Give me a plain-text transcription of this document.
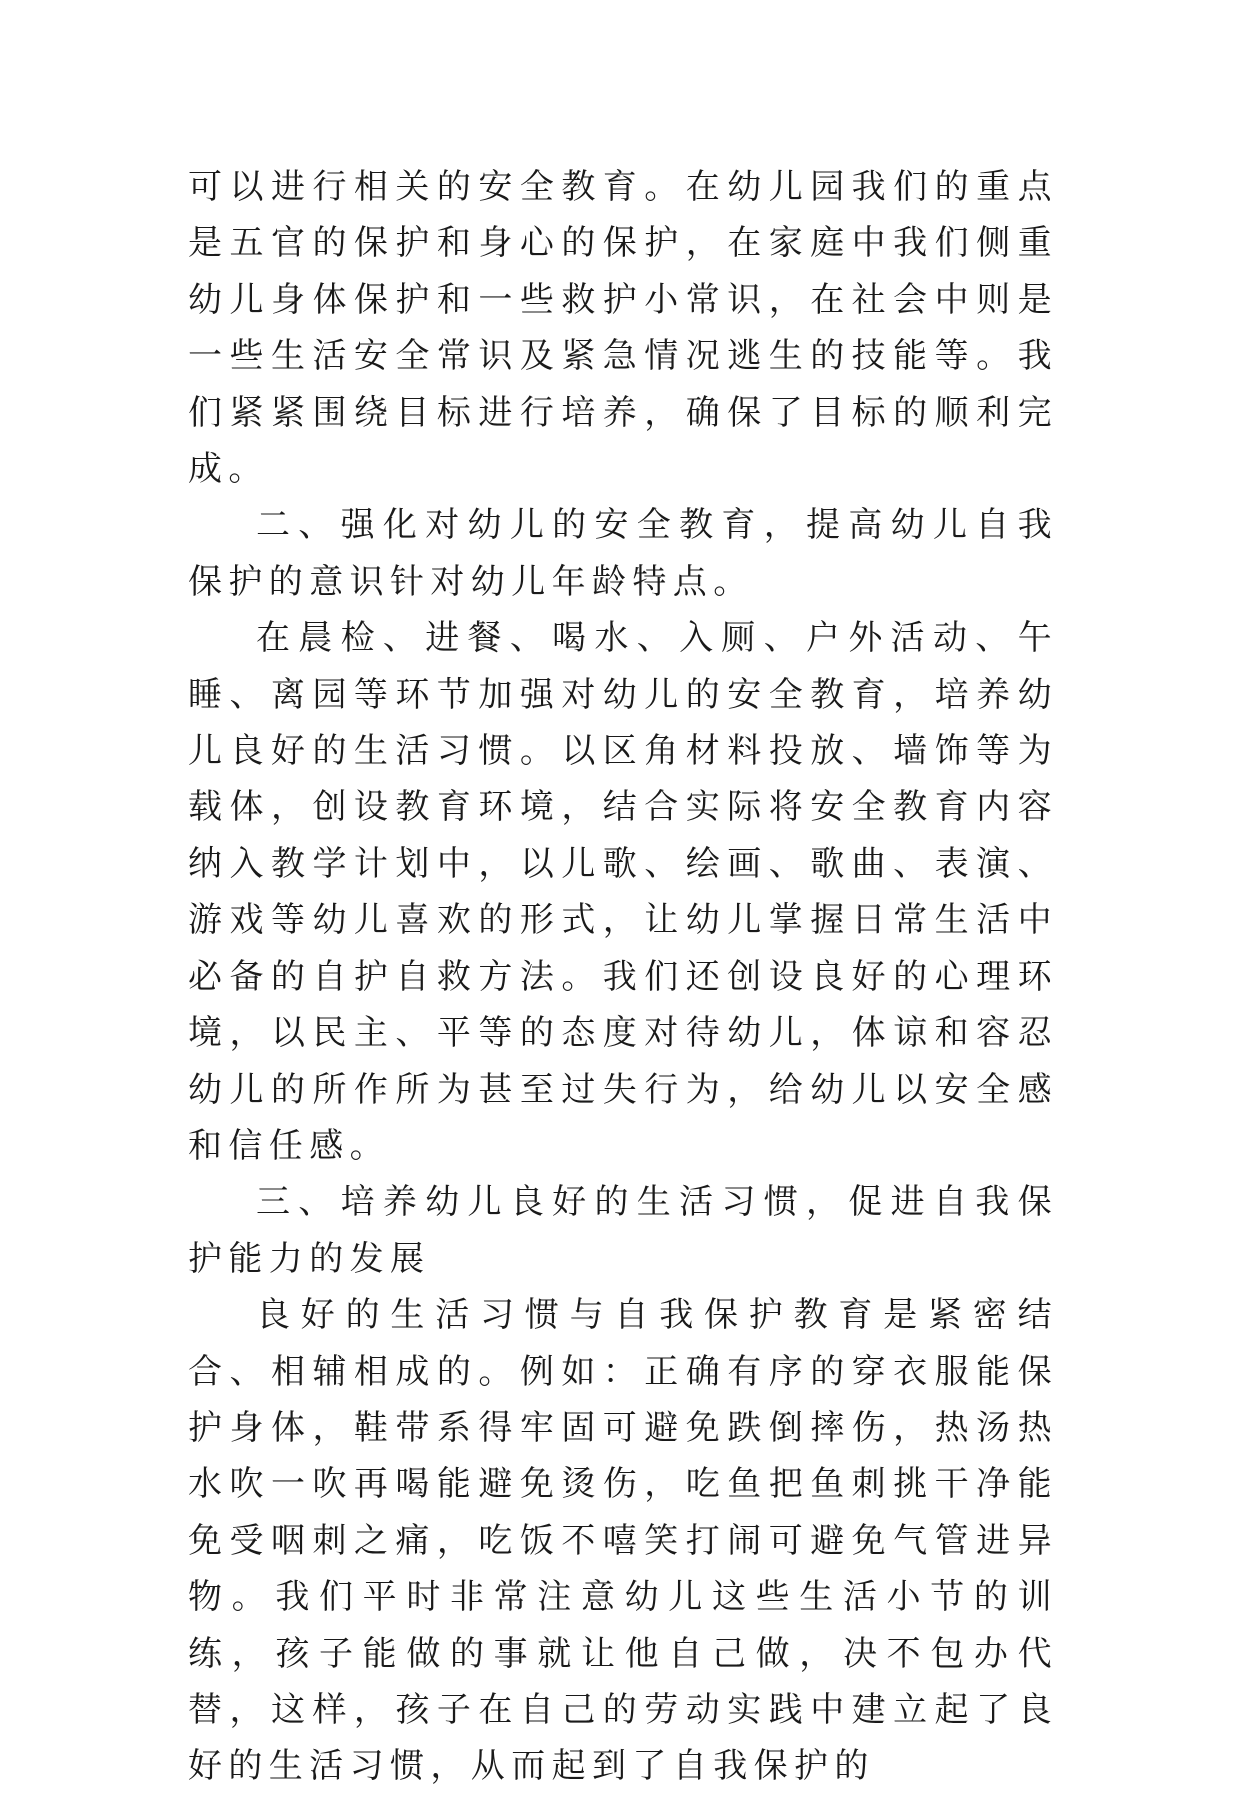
可以进行相关的安全教育。在幼儿园我们的重点是五官的保护和身心的保护，在家庭中我们侧重幼儿身体保护和一些救护小常识，在社会中则是一些生活安全常识及紧急情况逃生的技能等。我们紧紧围绕目标进行培养，确保了目标的顺利完成。

二、强化对幼儿的安全教育，提高幼儿自我保护的意识针对幼儿年龄特点。

在晨检、进餐、喝水、入厕、户外活动、午睡、离园等环节加强对幼儿的安全教育，培养幼儿良好的生活习惯。以区角材料投放、墙饰等为载体，创设教育环境，结合实际将安全教育内容纳入教学计划中，以儿歌、绘画、歌曲、表演、游戏等幼儿喜欢的形式，让幼儿掌握日常生活中必备的自护自救方法。我们还创设良好的心理环境，以民主、平等的态度对待幼儿，体谅和容忍幼儿的所作所为甚至过失行为，给幼儿以安全感和信任感。

三、培养幼儿良好的生活习惯，促进自我保护能力的发展

良好的生活习惯与自我保护教育是紧密结合、相辅相成的。例如：正确有序的穿衣服能保护身体，鞋带系得牢固可避免跌倒摔伤，热汤热水吹一吹再喝能避免烫伤，吃鱼把鱼刺挑干净能免受咽刺之痛，吃饭不嘻笑打闹可避免气管进异物。我们平时非常注意幼儿这些生活小节的训练，孩子能做的事就让他自己做，决不包办代替，这样，孩子在自己的劳动实践中建立起了良好的生活习惯，从而起到了自我保护的
